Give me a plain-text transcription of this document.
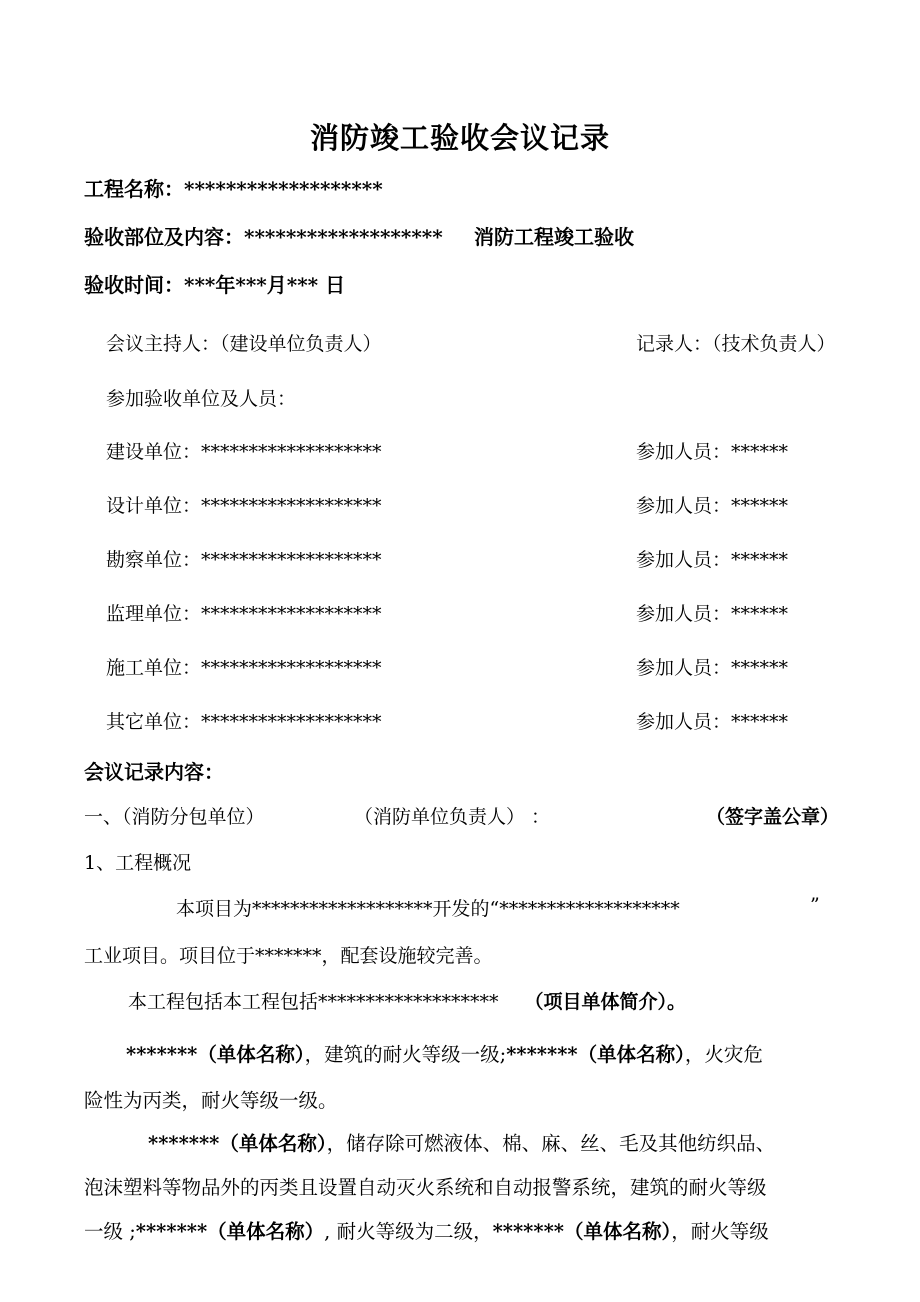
消防竣工验收会议记录
工程名称：*******************
验收部位及内容：******************* 消防工程竣工验收
验收时间：***年***月*** 日
会议主持人：（建设单位负责人）	记录人：（技术负责人）
参加验收单位及人员：
建设单位：*******************	参加人员：******
设计单位：*******************	参加人员：******
勘察单位：*******************	参加人员：******
监理单位：*******************	参加人员：******
施工单位：*******************	参加人员：******
其它单位：*******************	参加人员：******
会议记录内容：
一、（消防分包单位）	（消防单位负责人） ：	（签字盖公章）
1、工程概况
本项目为*******************开发的“*******************	”
工业项目。项目位于*******，配套设施较完善。
本工程包括本工程包括******************* （项目单体简介）。
*******（单体名称），建筑的耐火等级一级;*******（单体名称），火灾危
险性为丙类，耐火等级一级。
*******（单体名称），储存除可燃液体、棉、麻、丝、毛及其他纺织品、
泡沫塑料等物品外的丙类且设置自动灭火系统和自动报警系统，建筑的耐火等级
一级 ;*******（单体名称）, 耐火等级为二级，*******（单体名称），耐火等级
